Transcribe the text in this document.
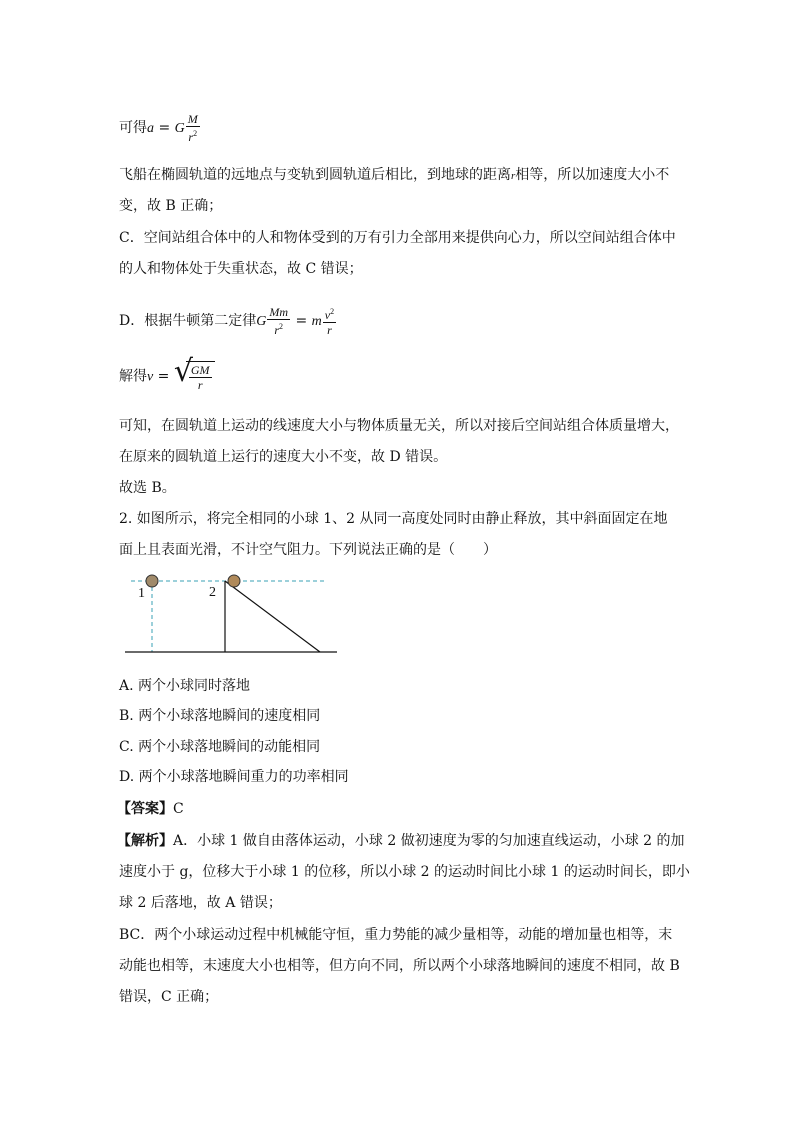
可得a = G $\frac{M}{r^2}$
飞船在椭圆轨道的远地点与变轨到圆轨道后相比，到地球的距离r相等，所以加速度大小不
变，故 B 正确；
C．空间站组合体中的人和物体受到的万有引力全部用来提供向心力，所以空间站组合体中
的人和物体处于失重状态，故 C 错误；
D．根据牛顿第二定律G $\frac{Mm}{r^2} = m \frac{v^2}{r}$
解得v = √
$\frac{GM}{r}$
可知，在圆轨道上运动的线速度大小与物体质量无关，所以对接后空间站组合体质量增大，
在原来的圆轨道上运行的速度大小不变，故 D 错误。
故选 B。
2. 如图所示，将完全相同的小球 1、2 从同一高度处同时由静止释放，其中斜面固定在地
面上且表面光滑，不计空气阻力。下列说法正确的是（　　）
1	2
A. 两个小球同时落地
B. 两个小球落地瞬间的速度相同
C. 两个小球落地瞬间的动能相同
D. 两个小球落地瞬间重力的功率相同
【答案】C
【解析】A．小球 1 做自由落体运动，小球 2 做初速度为零的匀加速直线运动，小球 2 的加
速度小于 g，位移大于小球 1 的位移，所以小球 2 的运动时间比小球 1 的运动时间长，即小
球 2 后落地，故 A 错误；
BC．两个小球运动过程中机械能守恒，重力势能的减少量相等，动能的增加量也相等，末
动能也相等，末速度大小也相等，但方向不同，所以两个小球落地瞬间的速度不相同，故 B
错误，C 正确；
